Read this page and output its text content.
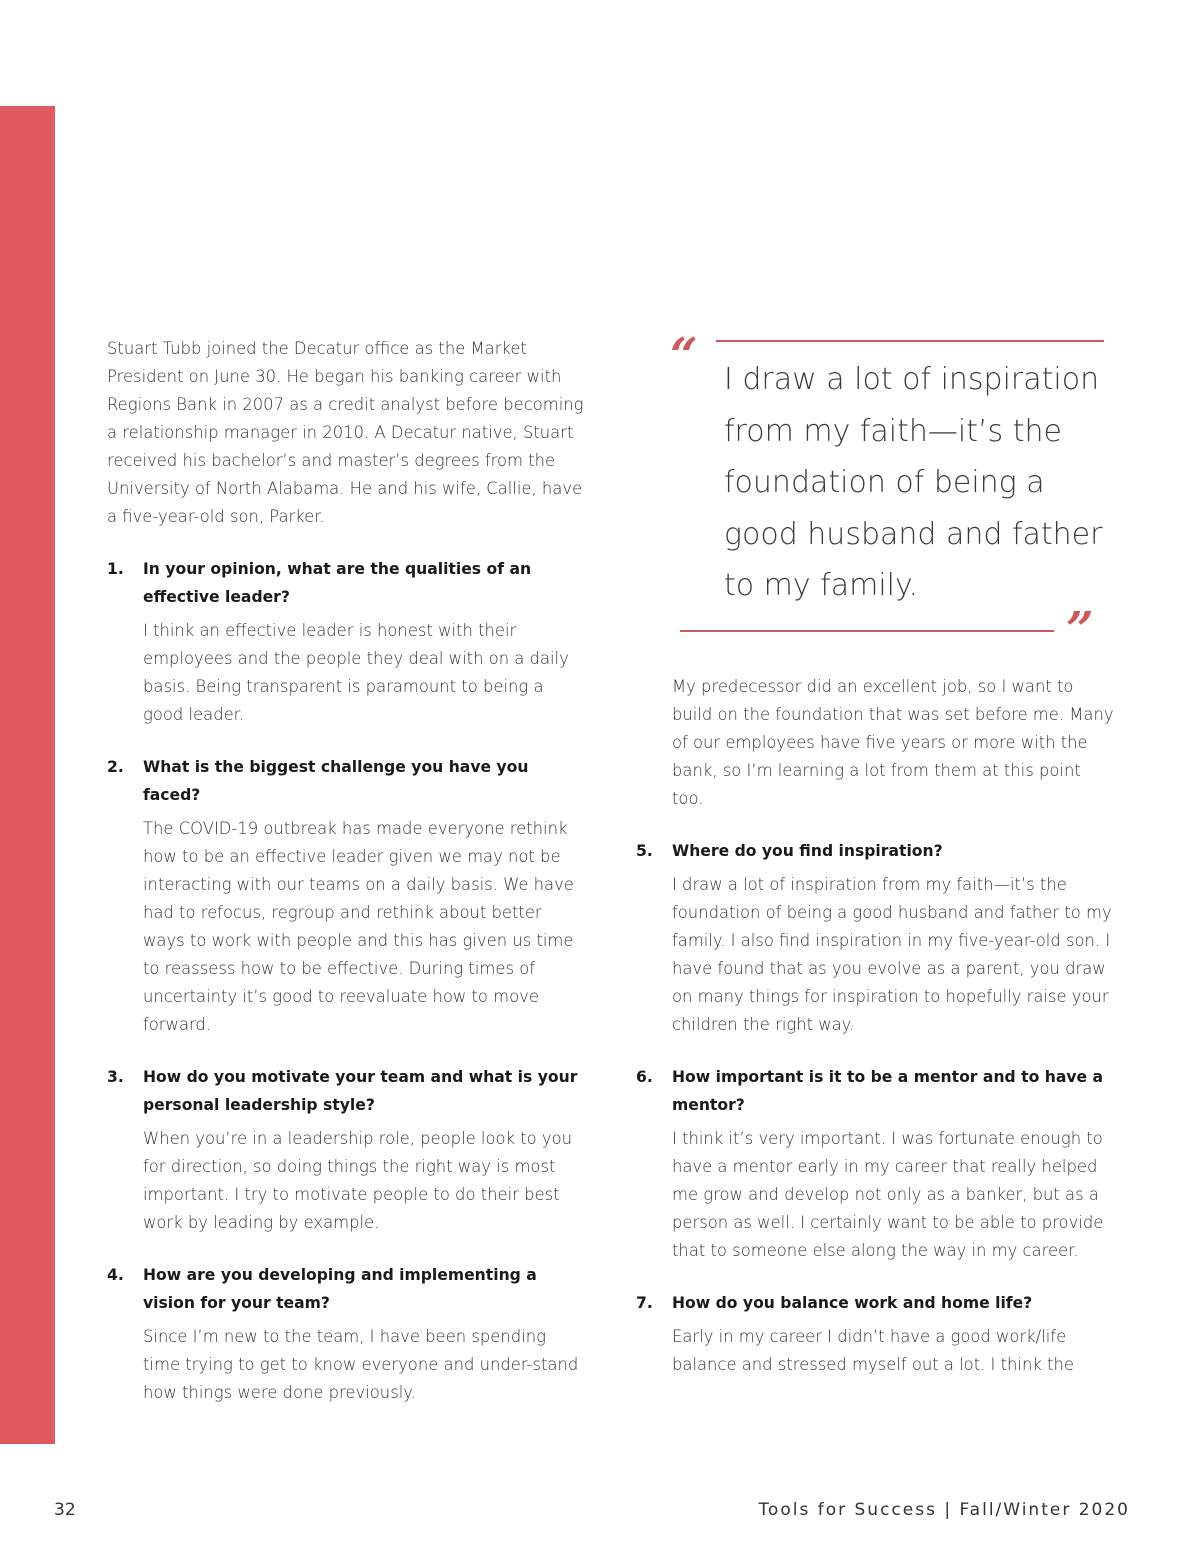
Stuart Tubb joined the Decatur office as the Market President on June 30. He began his banking career with Regions Bank in 2007 as a credit analyst before becoming a relationship manager in 2010. A Decatur native, Stuart received his bachelor’s and master’s degrees from the University of North Alabama. He and his wife, Callie, have a five-year-old son, Parker.

1.	In your opinion, what are the qualities of an effective leader?

I think an effective leader is honest with their employees and the people they deal with on a daily basis. Being transparent is paramount to being a good leader.

2.	What is the biggest challenge you have you faced?

The COVID-19 outbreak has made everyone rethink how to be an effective leader given we may not be interacting with our teams on a daily basis. We have had to refocus, regroup and rethink about better ways to work with people and this has given us time to reassess how to be effective. During times of uncertainty it’s good to reevaluate how to move forward.

3.	How do you motivate your team and what is your personal leadership style?

When you’re in a leadership role, people look to you for direction, so doing things the right way is most important. I try to motivate people to do their best work by leading by example.

4.	How are you developing and implementing a vision for your team?

Since I’m new to the team, I have been spending time trying to get to know everyone and under-stand how things were done previously.

“ I draw a lot of inspiration from my faith—it’s the foundation of being a good husband and father to my family.
”

My predecessor did an excellent job, so I want to build on the foundation that was set before me. Many of our employees have five years or more with the bank, so I’m learning a lot from them at this point too.

5.	Where do you find inspiration?

I draw a lot of inspiration from my faith—it’s the foundation of being a good husband and father to my family. I also find inspiration in my five-year-old son. I have found that as you evolve as a parent, you draw on many things for inspiration to hopefully raise your children the right way.

6.	How important is it to be a mentor and to have a mentor?

I think it’s very important. I was fortunate enough to have a mentor early in my career that really helped me grow and develop not only as a banker, but as a person as well. I certainly want to be able to provide that to someone else along the way in my career.

7.	How do you balance work and home life?

Early in my career I didn’t have a good work/life balance and stressed myself out a lot. I think the

32	Tools for Success | Fall/Winter 2020
